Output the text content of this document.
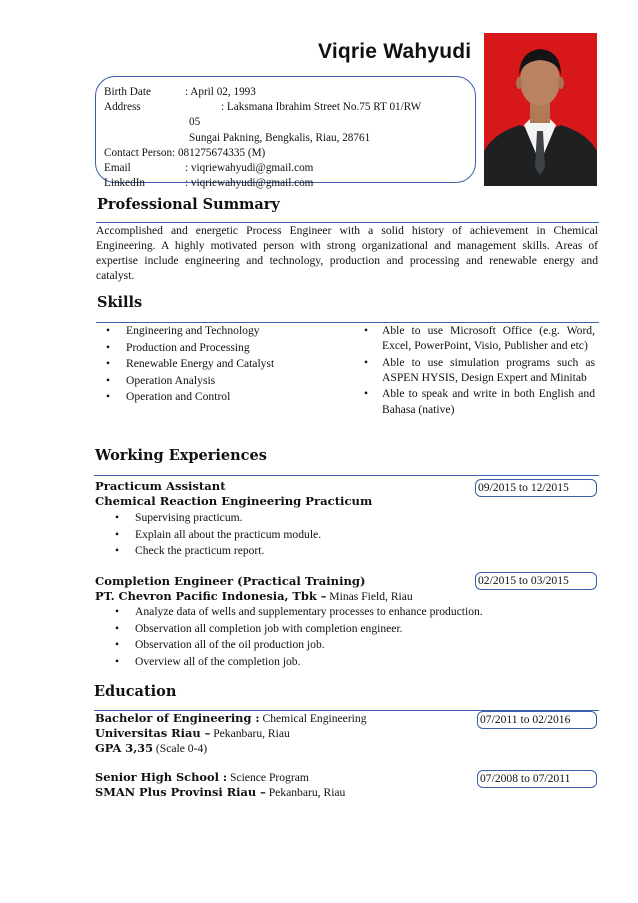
Viqrie Wahyudi
Birth Date	: April 02, 1993
Address	: Laksmana Ibrahim Street No.75 RT 01/RW
05
Sungai Pakning, Bengkalis, Riau, 28761
Contact Person: 081275674335 (M)
Email	: viqriewahyudi@gmail.com
LinkedIn	: viqriewahyudi@gmail.com
Professional Summary
Accomplished and energetic Process Engineer with a solid history of achievement in Chemical Engineering. A highly motivated person with strong organizational and management skills. Areas of expertise include engineering and technology, production and processing and renewable energy and catalyst.
Skills
• Engineering and Technology
• Production and Processing
• Renewable Energy and Catalyst
• Operation Analysis
• Operation and Control
• Able to use Microsoft Office (e.g. Word, Excel, PowerPoint, Visio, Publisher and etc)
• Able to use simulation programs such as ASPEN HYSIS, Design Expert and Minitab
• Able to speak and write in both English and Bahasa (native)
Working Experiences
Practicum Assistant	09/2015 to 12/2015
Chemical Reaction Engineering Practicum
• Supervising practicum.
• Explain all about the practicum module.
• Check the practicum report.
Completion Engineer (Practical Training)	02/2015 to 03/2015
PT. Chevron Pacific Indonesia, Tbk – Minas Field, Riau
• Analyze data of wells and supplementary processes to enhance production.
• Observation all completion job with completion engineer.
• Observation all of the oil production job.
• Overview all of the completion job.
Education
Bachelor of Engineering : Chemical Engineering	07/2011 to 02/2016
Universitas Riau – Pekanbaru, Riau
GPA 3,35 (Scale 0-4)
Senior High School : Science Program	07/2008 to 07/2011
SMAN Plus Provinsi Riau – Pekanbaru, Riau
